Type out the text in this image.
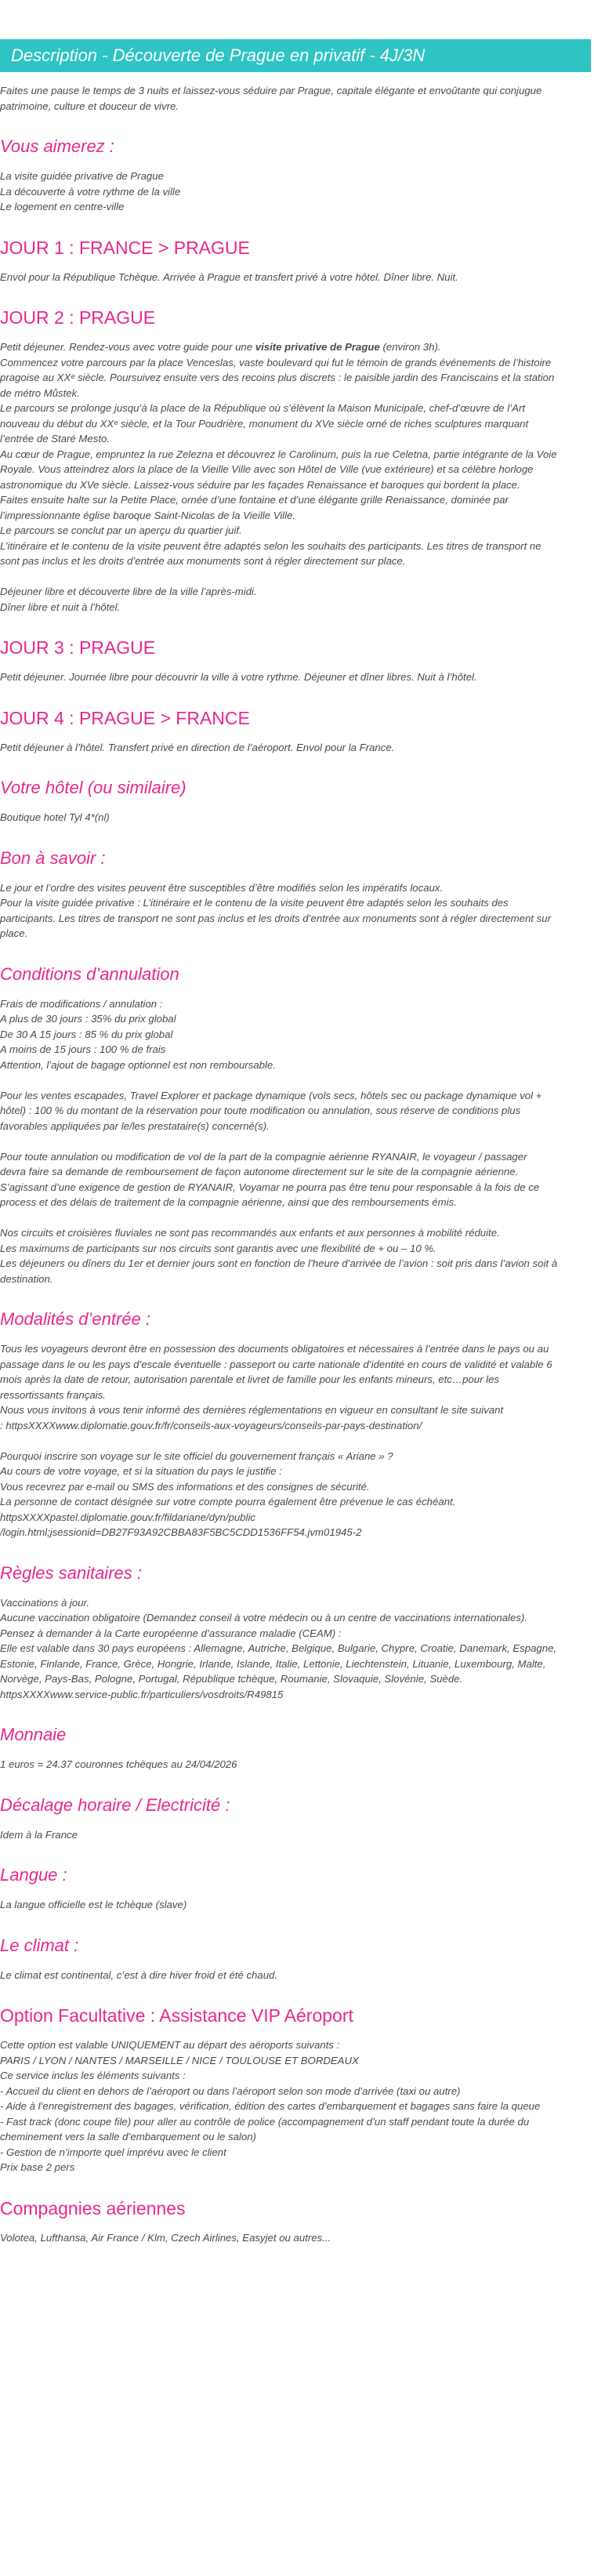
Description - Découverte de Prague en privatif - 4J/3N

Faites une pause le temps de 3 nuits et laissez-vous séduire par Prague, capitale élégante et envoûtante qui conjugue
patrimoine, culture et douceur de vivre.

Vous aimerez :

La visite guidée privative de Prague
La découverte à votre rythme de la ville
Le logement en centre-ville

JOUR 1 : FRANCE > PRAGUE

Envol pour la République Tchèque. Arrivée à Prague et transfert privé à votre hôtel. Dîner libre. Nuit.

JOUR 2 : PRAGUE

Petit déjeuner. Rendez-vous avec votre guide pour une visite privative de Prague (environ 3h).
Commencez votre parcours par la place Venceslas, vaste boulevard qui fut le témoin de grands événements de l’histoire
pragoise au XXᵉ siècle. Poursuivez ensuite vers des recoins plus discrets : le paisible jardin des Franciscains et la station
de métro Můstek.
Le parcours se prolonge jusqu’à la place de la République où s’élèvent la Maison Municipale, chef-d’œuvre de l’Art
nouveau du début du XXᵉ siècle, et la Tour Poudrière, monument du XVe siècle orné de riches sculptures marquant
l’entrée de Staré Mesto.
Au cœur de Prague, empruntez la rue Zelezna et découvrez le Carolinum, puis la rue Celetna, partie intégrante de la Voie
Royale. Vous atteindrez alors la place de la Vieille Ville avec son Hôtel de Ville (vue extérieure) et sa célèbre horloge
astronomique du XVe siècle. Laissez-vous séduire par les façades Renaissance et baroques qui bordent la place.
Faites ensuite halte sur la Petite Place, ornée d’une fontaine et d’une élégante grille Renaissance, dominée par
l’impressionnante église baroque Saint-Nicolas de la Vieille Ville.
Le parcours se conclut par un aperçu du quartier juif.
L’itinéraire et le contenu de la visite peuvent être adaptés selon les souhaits des participants. Les titres de transport ne
sont pas inclus et les droits d’entrée aux monuments sont à régler directement sur place.
Déjeuner libre et découverte libre de la ville l’après-midi.
Dîner libre et nuit à l’hôtel.

JOUR 3 : PRAGUE

Petit déjeuner. Journée libre pour découvrir la ville à votre rythme. Déjeuner et dîner libres. Nuit à l’hôtel.

JOUR 4 : PRAGUE > FRANCE

Petit déjeuner à l’hôtel. Transfert privé en direction de l’aéroport. Envol pour la France.

Votre hôtel (ou similaire)

Boutique hotel Tyl 4*(nl)

Bon à savoir :

Le jour et l’ordre des visites peuvent être susceptibles d’être modifiés selon les impératifs locaux.
Pour la visite guidée privative : L’itinéraire et le contenu de la visite peuvent être adaptés selon les souhaits des
participants. Les titres de transport ne sont pas inclus et les droits d’entrée aux monuments sont à régler directement sur
place.

Conditions d’annulation

Frais de modifications / annulation :
A plus de 30 jours : 35% du prix global
De 30 A 15 jours : 85 % du prix global
A moins de 15 jours : 100 % de frais
Attention, l’ajout de bagage optionnel est non remboursable.
Pour les ventes escapades, Travel Explorer et package dynamique (vols secs, hôtels sec ou package dynamique vol +
hôtel) : 100 % du montant de la réservation pour toute modification ou annulation, sous réserve de conditions plus
favorables appliquées par le/les prestataire(s) concerné(s).
Pour toute annulation ou modification de vol de la part de la compagnie aérienne RYANAIR, le voyageur / passager
devra faire sa demande de remboursement de façon autonome directement sur le site de la compagnie aérienne.
S’agissant d’une exigence de gestion de RYANAIR, Voyamar ne pourra pas être tenu pour responsable à la fois de ce
process et des délais de traitement de la compagnie aérienne, ainsi que des remboursements émis.
Nos circuits et croisières fluviales ne sont pas recommandés aux enfants et aux personnes à mobilité réduite.
Les maximums de participants sur nos circuits sont garantis avec une flexibilité de + ou – 10 %.
Les déjeuners ou dîners du 1er et dernier jours sont en fonction de l’heure d’arrivée de l’avion : soit pris dans l’avion soit à
destination.

Modalités d’entrée :

Tous les voyageurs devront être en possession des documents obligatoires et nécessaires à l’entrée dans le pays ou au
passage dans le ou les pays d’escale éventuelle : passeport ou carte nationale d’identité en cours de validité et valable 6
mois après la date de retour, autorisation parentale et livret de famille pour les enfants mineurs, etc…pour les
ressortissants français.
Nous vous invitons à vous tenir informé des dernières réglementations en vigueur en consultant le site suivant
: httpsXXXXwww.diplomatie.gouv.fr/fr/conseils-aux-voyageurs/conseils-par-pays-destination/
Pourquoi inscrire son voyage sur le site officiel du gouvernement français « Ariane » ?
Au cours de votre voyage, et si la situation du pays le justifie :
Vous recevrez par e-mail ou SMS des informations et des consignes de sécurité.
La personne de contact désignée sur votre compte pourra également être prévenue le cas échéant.
httpsXXXXpastel.diplomatie.gouv.fr/fildariane/dyn/public
/login.html;jsessionid=DB27F93A92CBBA83F5BC5CDD1536FF54.jvm01945-2

Règles sanitaires :

Vaccinations à jour.
Aucune vaccination obligatoire (Demandez conseil à votre médecin ou à un centre de vaccinations internationales).
Pensez à demander à la Carte européenne d’assurance maladie (CEAM) :
Elle est valable dans 30 pays européens : Allemagne, Autriche, Belgique, Bulgarie, Chypre, Croatie, Danemark, Espagne,
Estonie, Finlande, France, Grèce, Hongrie, Irlande, Islande, Italie, Lettonie, Liechtenstein, Lituanie, Luxembourg, Malte,
Norvège, Pays-Bas, Pologne, Portugal, République tchèque, Roumanie, Slovaquie, Slovénie, Suède.
httpsXXXXwww.service-public.fr/particuliers/vosdroits/R49815

Monnaie

1 euros = 24.37 couronnes tchèques au 24/04/2026

Décalage horaire / Electricité :

Idem à la France

Langue :

La langue officielle est le tchèque (slave)

Le climat :

Le climat est continental, c’est à dire hiver froid et été chaud.

Option Facultative : Assistance VIP Aéroport

Cette option est valable UNIQUEMENT au départ des aéroports suivants :
PARIS / LYON / NANTES / MARSEILLE / NICE / TOULOUSE ET BORDEAUX
Ce service inclus les éléments suivants :
- Accueil du client en dehors de l’aéroport ou dans l’aéroport selon son mode d’arrivée (taxi ou autre)
- Aide à l’enregistrement des bagages, vérification, édition des cartes d’embarquement et bagages sans faire la queue
- Fast track (donc coupe file) pour aller au contrôle de police (accompagnement d’un staff pendant toute la durée du
cheminement vers la salle d’embarquement ou le salon)
- Gestion de n’importe quel imprévu avec le client
Prix base 2 pers

Compagnies aériennes

Volotea, Lufthansa, Air France / Klm, Czech Airlines, Easyjet ou autres...
